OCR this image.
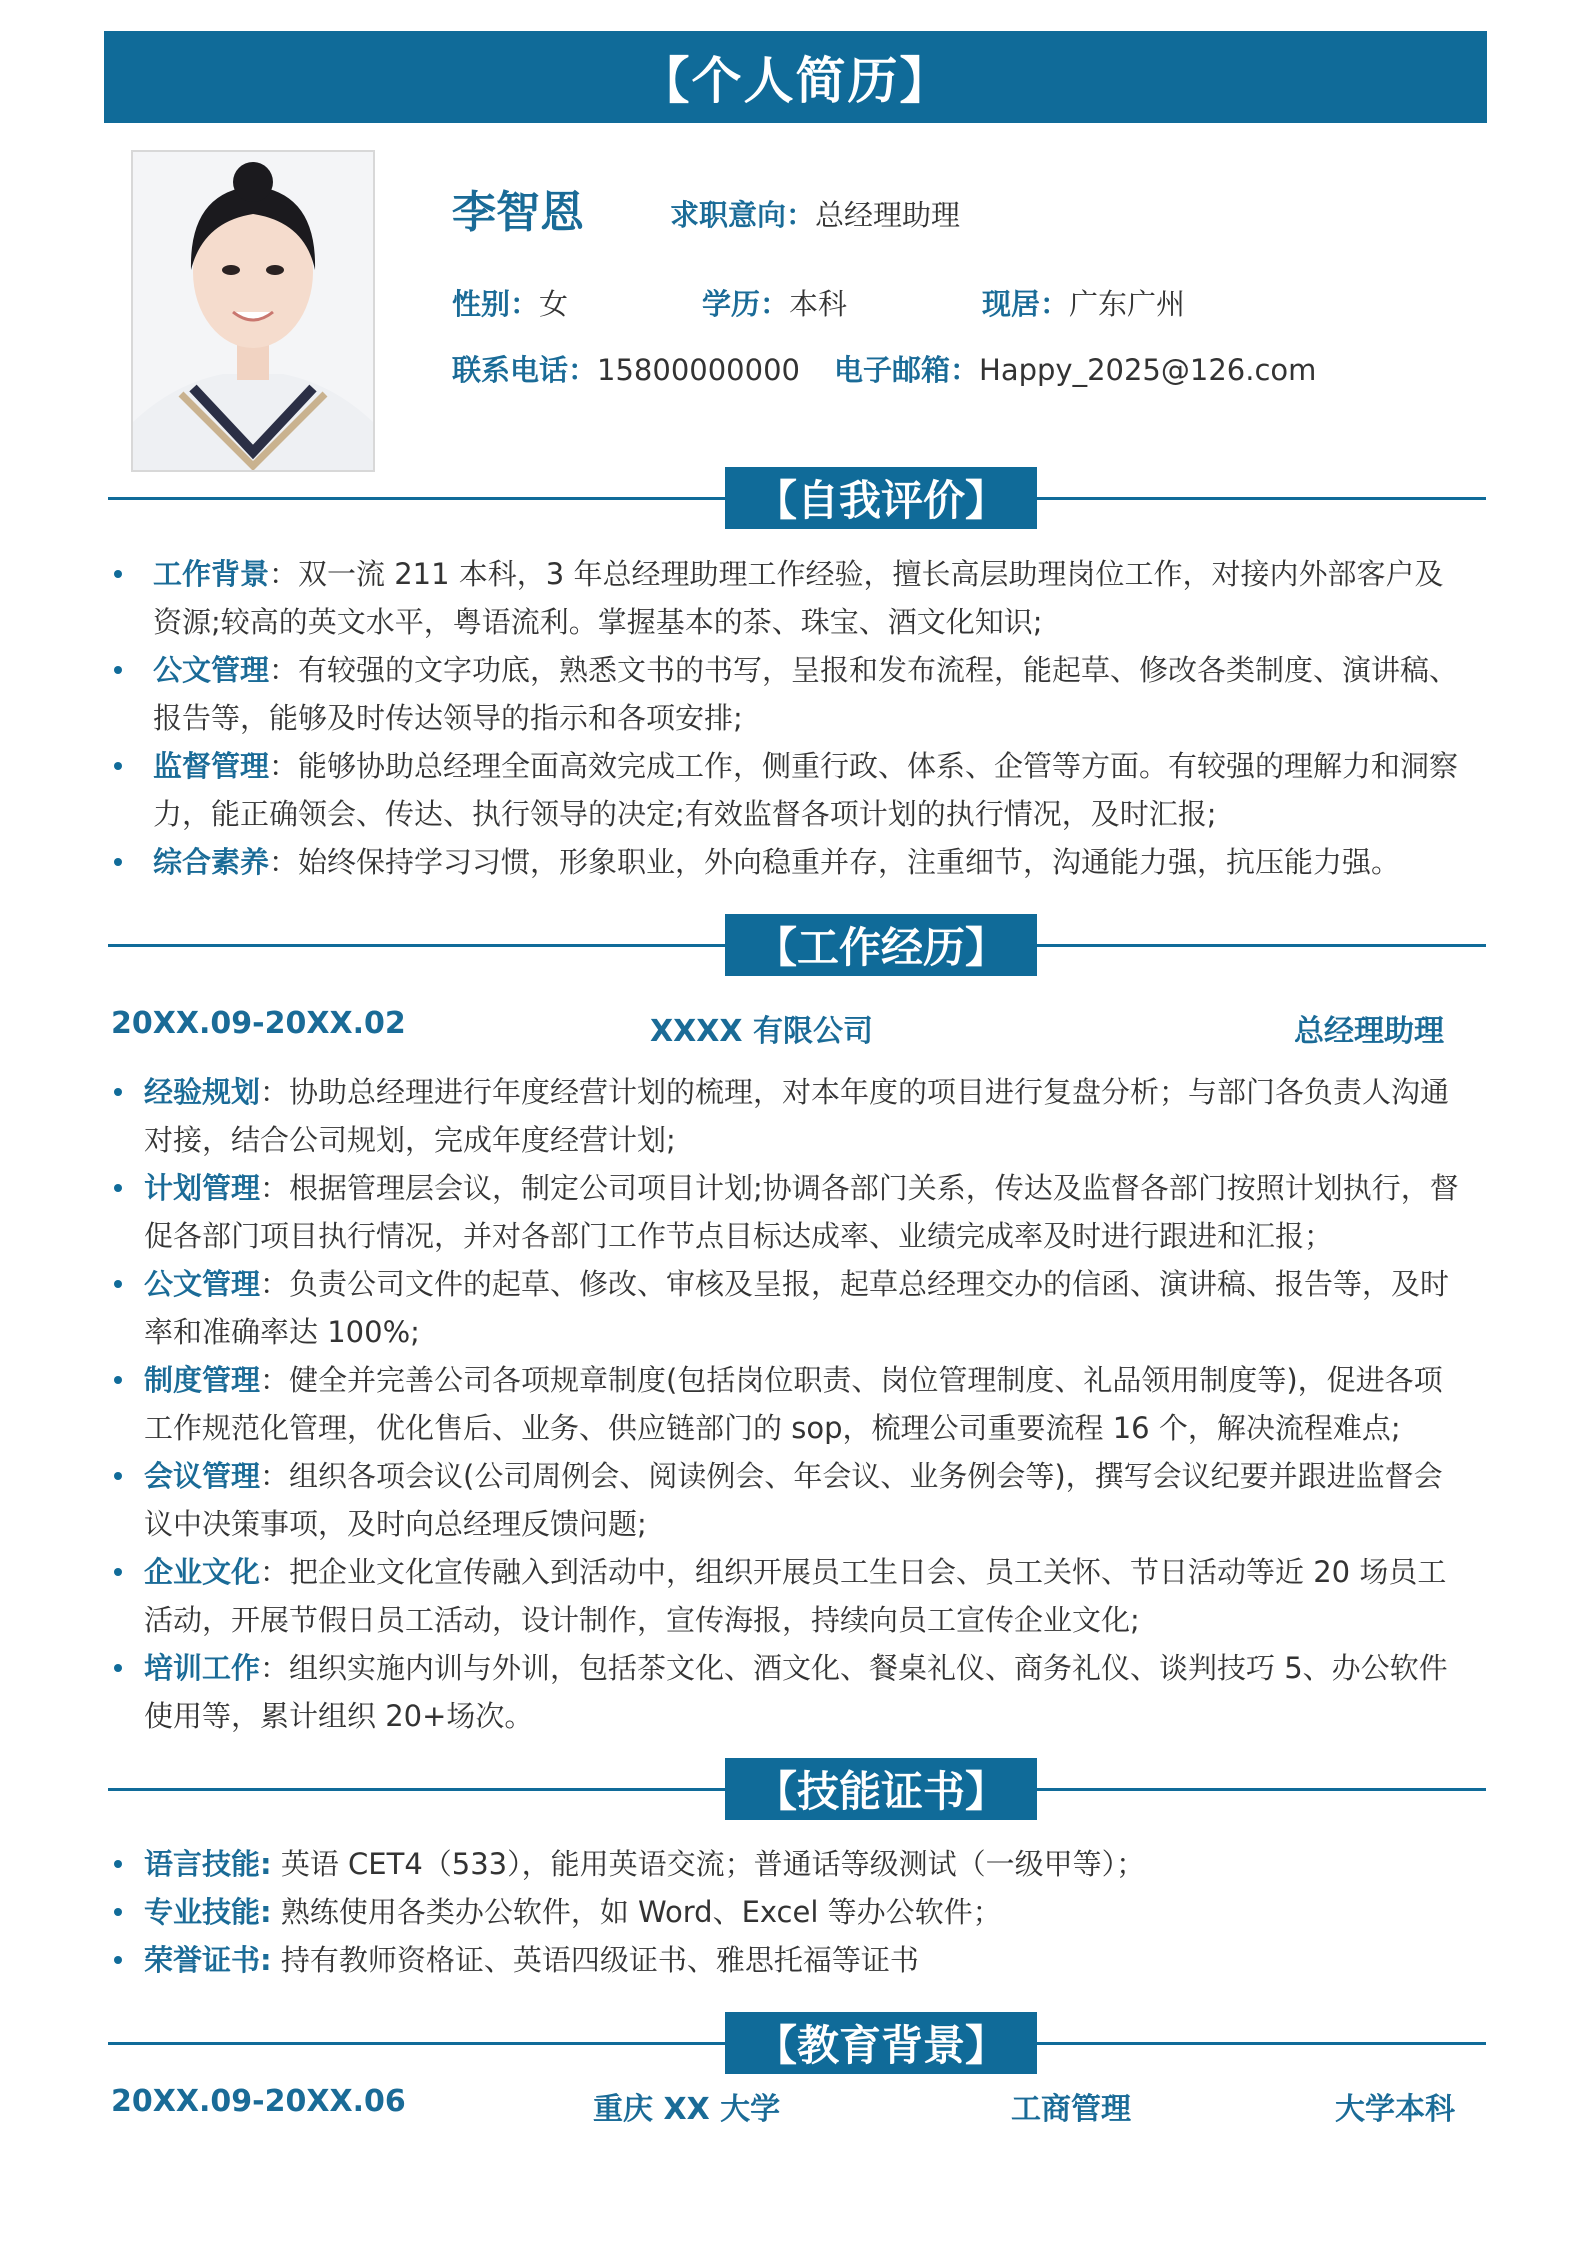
【个人简历】
李智恩	求职意向：总经理助理
性别：女	学历：本科	现居：广东广州
联系电话：15800000000 电子邮箱：Happy_2025@126.com
【自我评价】

工作背景：双一流 211 本科，3 年总经理助理工作经验，擅长高层助理岗位工作，对接内外部客户及资源;较高的英文水平，粤语流利。掌握基本的茶、珠宝、酒文化知识;

公文管理：有较强的文字功底，熟悉文书的书写，呈报和发布流程，能起草、修改各类制度、演讲稿、报告等，能够及时传达领导的指示和各项安排;

监督管理：能够协助总经理全面高效完成工作，侧重行政、体系、企管等方面。有较强的理解力和洞察力，能正确领会、传达、执行领导的决定;有效监督各项计划的执行情况，及时汇报;

综合素养：始终保持学习习惯，形象职业，外向稳重并存，注重细节，沟通能力强，抗压能力强。

【工作经历】
20XX.09-20XX.02	XXXX 有限公司	总经理助理

经验规划：协助总经理进行年度经营计划的梳理，对本年度的项目进行复盘分析；与部门各负责人沟通对接，结合公司规划，完成年度经营计划;

计划管理：根据管理层会议，制定公司项目计划;协调各部门关系，传达及监督各部门按照计划执行，督促各部门项目执行情况，并对各部门工作节点目标达成率、业绩完成率及时进行跟进和汇报；

公文管理：负责公司文件的起草、修改、审核及呈报，起草总经理交办的信函、演讲稿、报告等，及时率和准确率达 100%;

制度管理：健全并完善公司各项规章制度(包括岗位职责、岗位管理制度、礼品领用制度等)，促进各项工作规范化管理，优化售后、业务、供应链部门的 sop，梳理公司重要流程 16 个，解决流程难点;

会议管理：组织各项会议(公司周例会、阅读例会、年会议、业务例会等)，撰写会议纪要并跟进监督会议中决策事项，及时向总经理反馈问题;

企业文化：把企业文化宣传融入到活动中，组织开展员工生日会、员工关怀、节日活动等近 20 场员工活动，开展节假日员工活动，设计制作，宣传海报，持续向员工宣传企业文化;

培训工作：组织实施内训与外训，包括茶文化、酒文化、餐桌礼仪、商务礼仪、谈判技巧 5、办公软件使用等，累计组织 20+场次。

【技能证书】

语言技能: 英语 CET4（533），能用英语交流；普通话等级测试（一级甲等）；

专业技能: 熟练使用各类办公软件，如 Word、Excel 等办公软件；

荣誉证书: 持有教师资格证、英语四级证书、雅思托福等证书

【教育背景】
20XX.09-20XX.06	重庆 XX 大学	工商管理	大学本科
